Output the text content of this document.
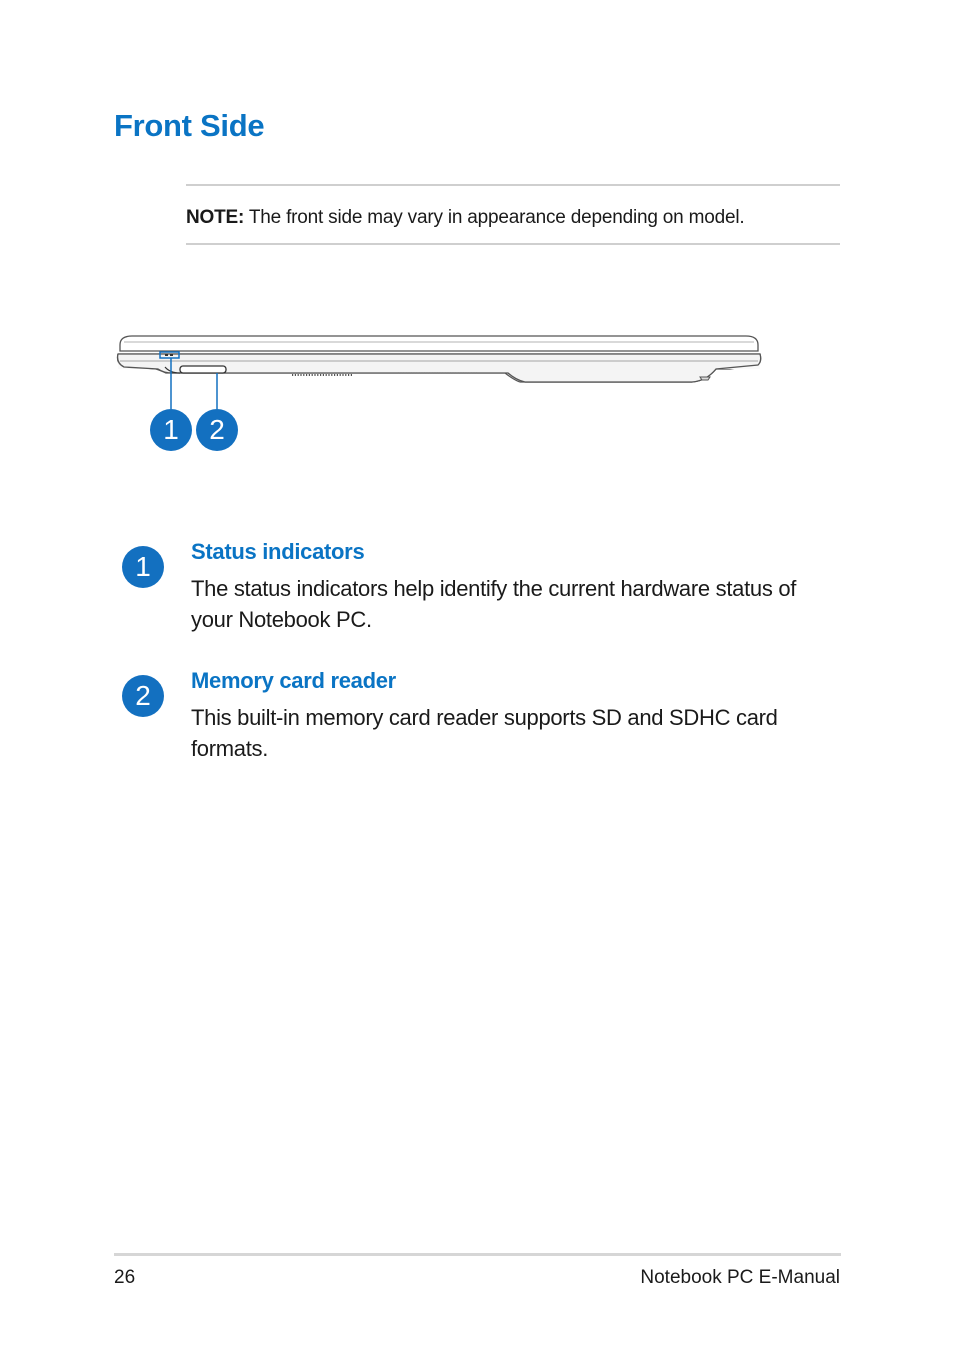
Front Side
NOTE: The front side may vary in appearance depending on model.
1	2
1	Status indicators

The status indicators help identify the current hardware status of your Notebook PC.

2	Memory card reader

This built-in memory card reader supports SD and SDHC card formats.

26	Notebook PC E-Manual
